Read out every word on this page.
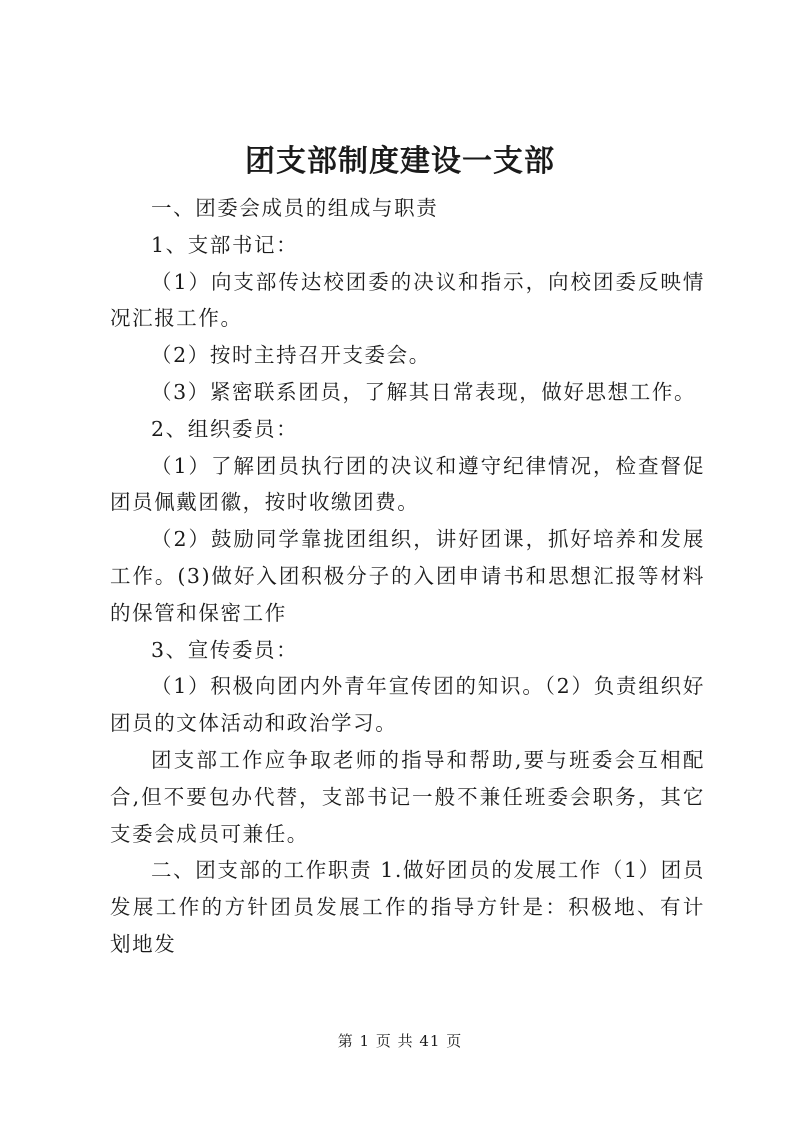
团支部制度建设一支部

一、团委会成员的组成与职责

1、支部书记：

（1）向支部传达校团委的决议和指示，向校团委反映情况汇报工作。

（2）按时主持召开支委会。

（3）紧密联系团员，了解其日常表现，做好思想工作。

2、组织委员：

（1）了解团员执行团的决议和遵守纪律情况，检查督促团员佩戴团徽，按时收缴团费。

（2）鼓励同学靠拢团组织，讲好团课，抓好培养和发展工作。(3)做好入团积极分子的入团申请书和思想汇报等材料的保管和保密工作

3、宣传委员：

（1）积极向团内外青年宣传团的知识。（2）负责组织好团员的文体活动和政治学习。

团支部工作应争取老师的指导和帮助,要与班委会互相配合,但不要包办代替，支部书记一般不兼任班委会职务，其它支委会成员可兼任。

二、团支部的工作职责 1.做好团员的发展工作（1）团员发展工作的方针团员发展工作的指导方针是：积极地、有计划地发

第 1 页 共 41 页
